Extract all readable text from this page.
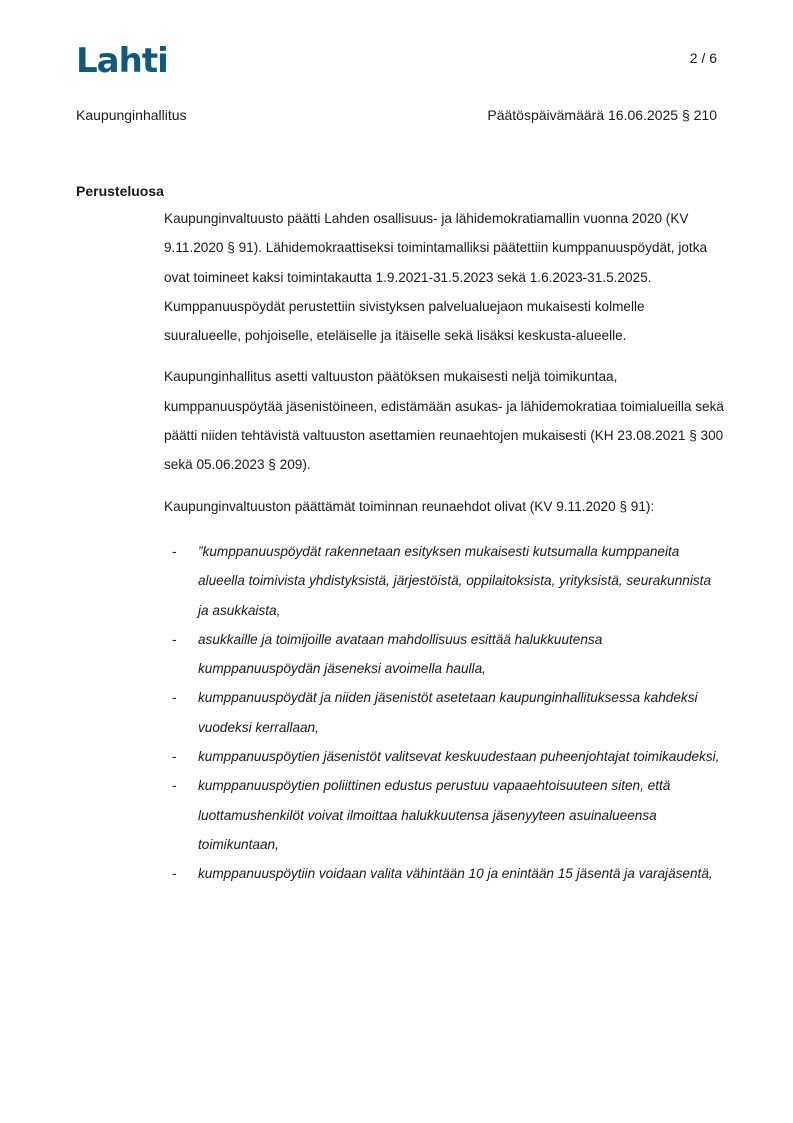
Lahti	2 / 6
Kaupunginhallitus	Päätöspäivämäärä 16.06.2025 § 210
Perusteluosa

Kaupunginvaltuusto päätti Lahden osallisuus- ja lähidemokratiamallin vuonna 2020 (KV 9.11.2020 § 91). Lähidemokraattiseksi toimintamalliksi päätettiin kumppanuuspöydät, jotka ovat toimineet kaksi toimintakautta 1.9.2021-31.5.2023 sekä 1.6.2023-31.5.2025. Kumppanuuspöydät perustettiin sivistyksen palvelualuejaon mukaisesti kolmelle suuralueelle, pohjoiselle, eteläiselle ja itäiselle sekä lisäksi keskusta-alueelle.

Kaupunginhallitus asetti valtuuston päätöksen mukaisesti neljä toimikuntaa, kumppanuuspöytää jäsenistöineen, edistämään asukas- ja lähidemokratiaa toimialueilla sekä päätti niiden tehtävistä valtuuston asettamien reunaehtojen mukaisesti (KH 23.08.2021 § 300 sekä 05.06.2023 § 209).

Kaupunginvaltuuston päättämät toiminnan reunaehdot olivat (KV 9.11.2020 § 91):

- ”kumppanuuspöydät rakennetaan esityksen mukaisesti kutsumalla kumppaneita alueella toimivista yhdistyksistä, järjestöistä, oppilaitoksista, yrityksistä, seurakunnista ja asukkaista,
- asukkaille ja toimijoille avataan mahdollisuus esittää halukkuutensa kumppanuuspöydän jäseneksi avoimella haulla,
- kumppanuuspöydät ja niiden jäsenistöt asetetaan kaupunginhallituksessa kahdeksi vuodeksi kerrallaan,
- kumppanuuspöytien jäsenistöt valitsevat keskuudestaan puheenjohtajat toimikaudeksi,
- kumppanuuspöytien poliittinen edustus perustuu vapaaehtoisuuteen siten, että luottamushenkilöt voivat ilmoittaa halukkuutensa jäsenyyteen asuinalueensa toimikuntaan,
- kumppanuuspöytiin voidaan valita vähintään 10 ja enintään 15 jäsentä ja varajäsentä,
